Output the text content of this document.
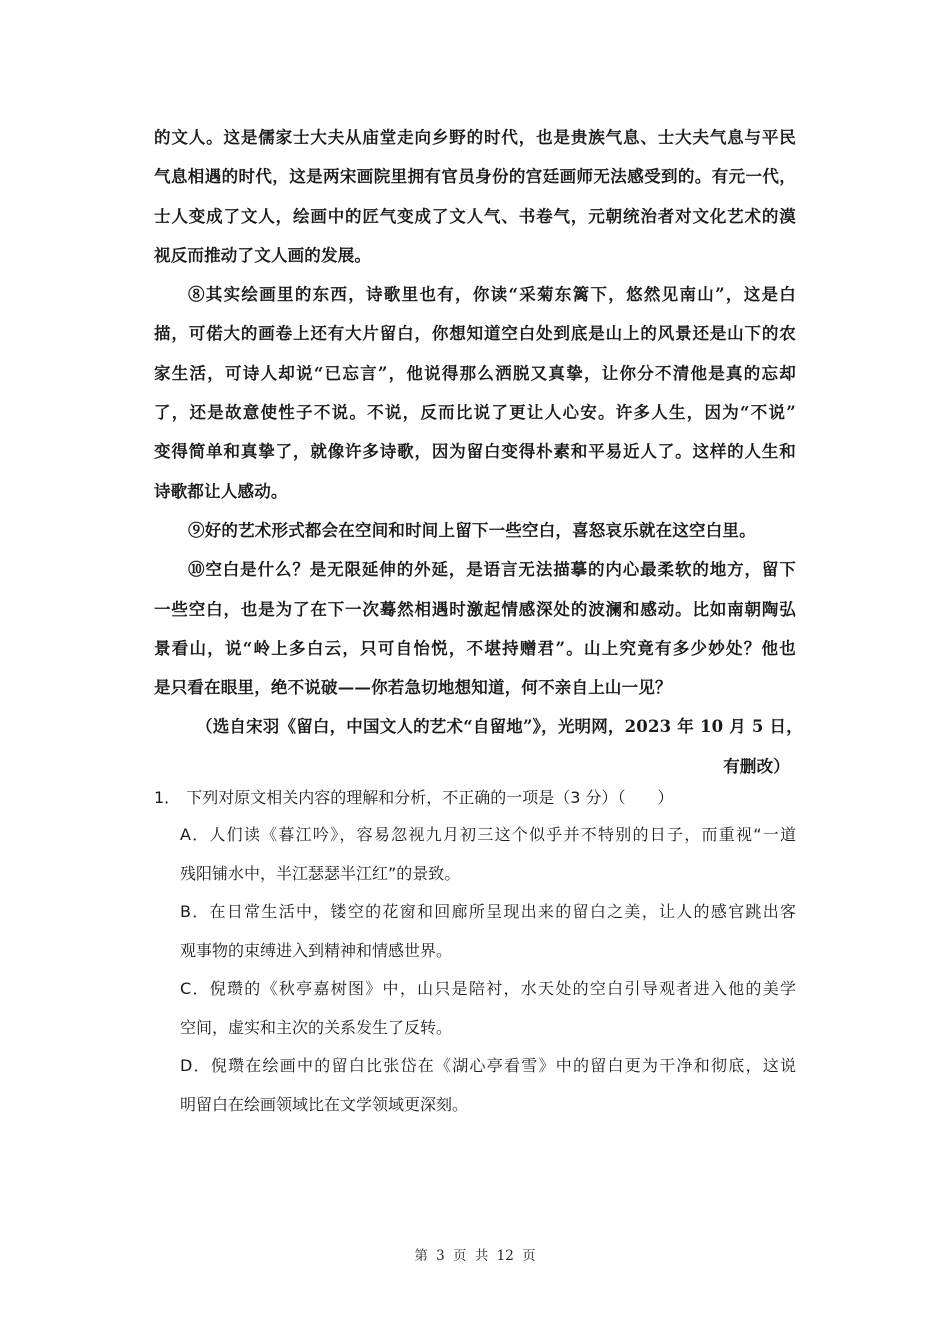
的文人。这是儒家士大夫从庙堂走向乡野的时代，也是贵族气息、士大夫气息与平民
气息相遇的时代，这是两宋画院里拥有官员身份的宫廷画师无法感受到的。有元一代，
士人变成了文人，绘画中的匠气变成了文人气、书卷气，元朝统治者对文化艺术的漠
视反而推动了文人画的发展。
⑧其实绘画里的东西，诗歌里也有，你读“采菊东篱下，悠然见南山”，这是白
描，可偌大的画卷上还有大片留白，你想知道空白处到底是山上的风景还是山下的农
家生活，可诗人却说“已忘言”，他说得那么洒脱又真挚，让你分不清他是真的忘却
了，还是故意使性子不说。不说，反而比说了更让人心安。许多人生，因为“不说”
变得简单和真挚了，就像许多诗歌，因为留白变得朴素和平易近人了。这样的人生和
诗歌都让人感动。
⑨好的艺术形式都会在空间和时间上留下一些空白，喜怒哀乐就在这空白里。
⑩空白是什么？是无限延伸的外延，是语言无法描摹的内心最柔软的地方，留下
一些空白，也是为了在下一次蓦然相遇时激起情感深处的波澜和感动。比如南朝陶弘
景看山，说“岭上多白云，只可自怡悦，不堪持赠君”。山上究竟有多少妙处？他也
是只看在眼里，绝不说破——你若急切地想知道，何不亲自上山一见？
（选自宋羽《留白，中国文人的艺术“自留地”》，光明网，2023 年 10 月 5 日，
有删改）
1． 下列对原文相关内容的理解和分析，不正确的一项是（3 分）（　　）
A．人们读《暮江吟》，容易忽视九月初三这个似乎并不特别的日子，而重视“一道
残阳铺水中，半江瑟瑟半江红”的景致。
B．在日常生活中，镂空的花窗和回廊所呈现出来的留白之美，让人的感官跳出客
观事物的束缚进入到精神和情感世界。
C．倪瓒的《秋亭嘉树图》中，山只是陪衬，水天处的空白引导观者进入他的美学
空间，虚实和主次的关系发生了反转。
D．倪瓒在绘画中的留白比张岱在《湖心亭看雪》中的留白更为干净和彻底，这说
明留白在绘画领域比在文学领域更深刻。
第 3 页 共 12 页
